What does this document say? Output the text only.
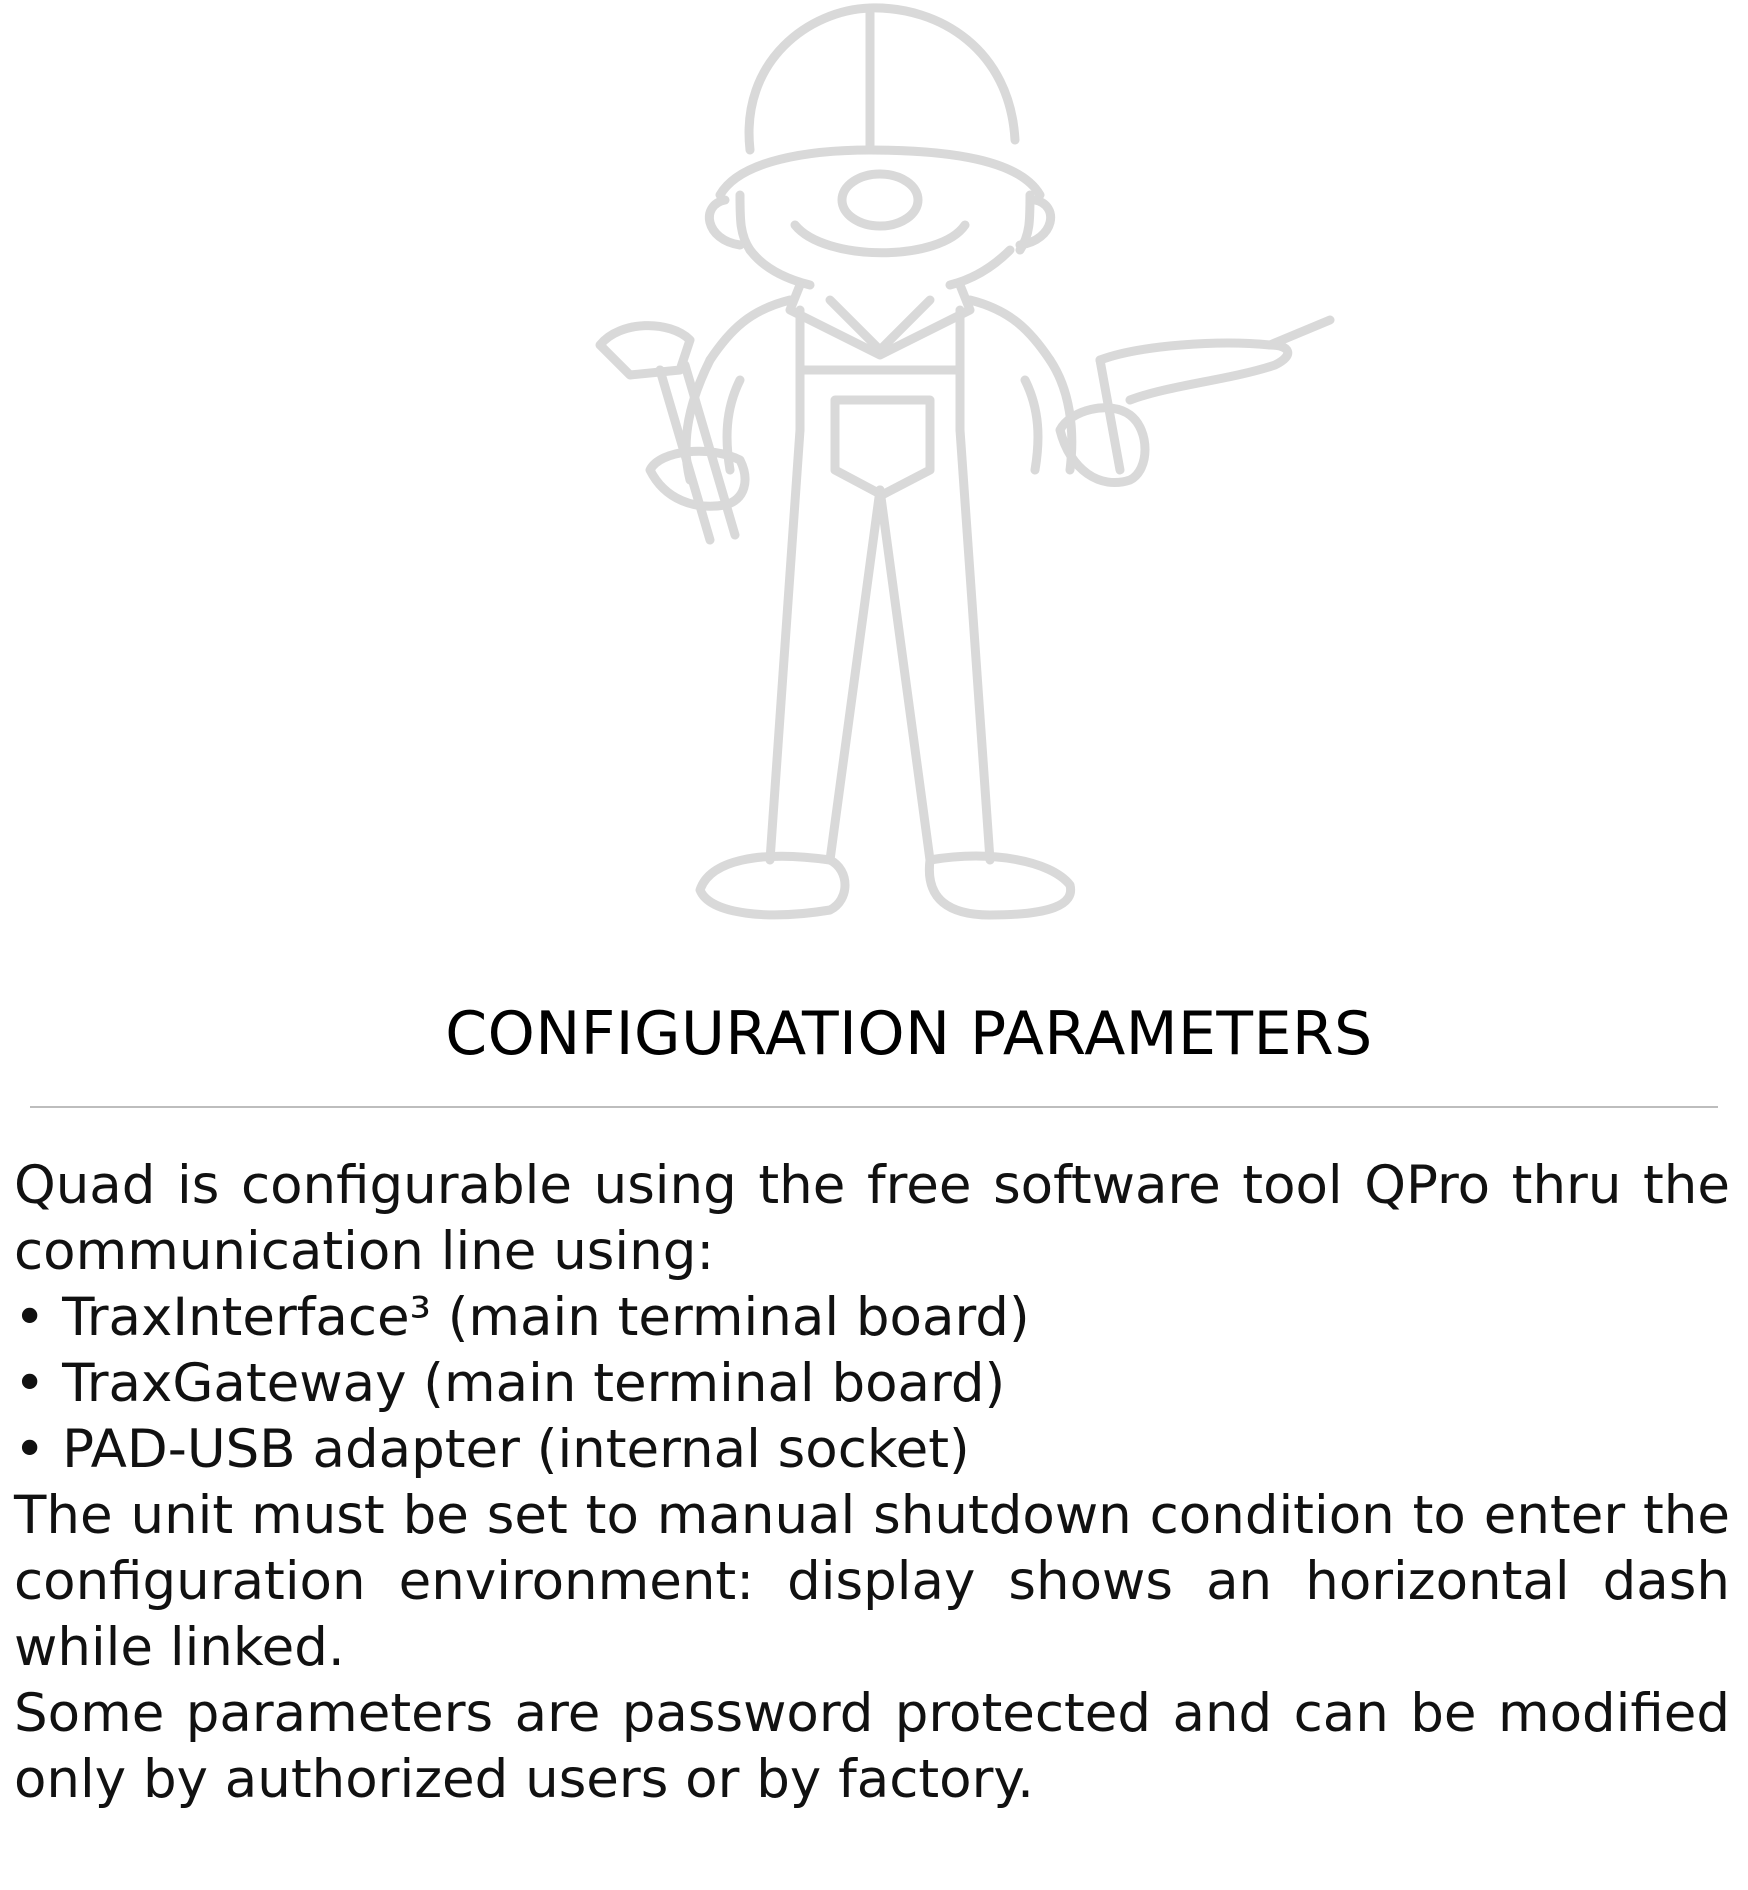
CONFIGURATION PARAMETERS

Quad is configurable using the free software tool QPro thru the communication line using:

• TraxInterface³ (main terminal board)

• TraxGateway (main terminal board)

• PAD-USB adapter (internal socket)

The unit must be set to manual shutdown condition to enter the configuration environment: display shows an horizontal dash while linked.

Some parameters are password protected and can be modified only by authorized users or by factory.
